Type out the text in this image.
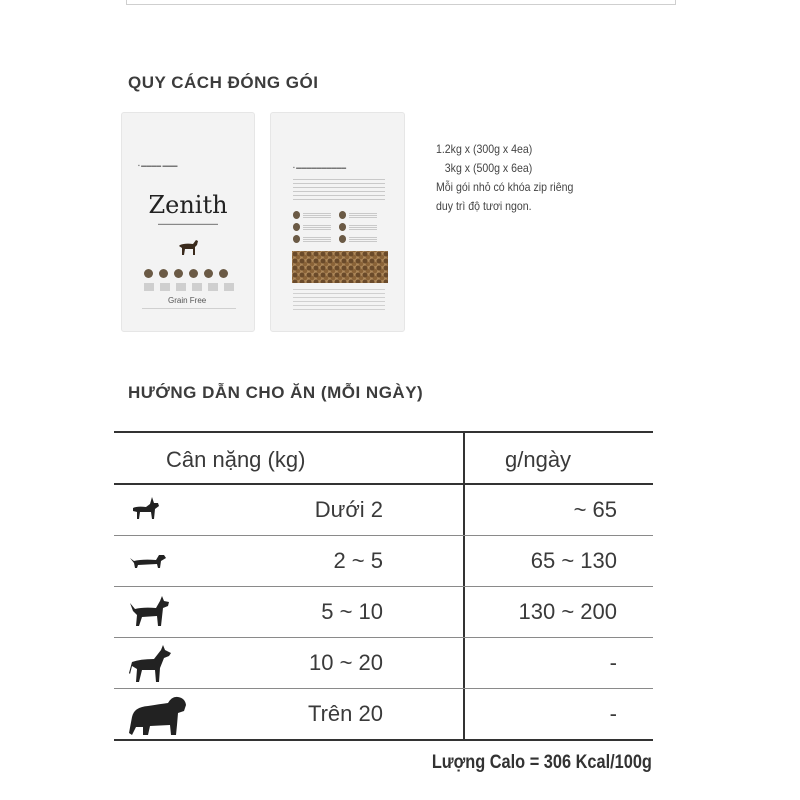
QUY CÁCH ĐÓNG GÓI
▪ ▬▬▬▬ ▬▬▬
Zenith
▬▬▬▬▬▬▬▬▬▬▬▬▬▬▬
Grain Free
▪ ▬▬▬▬▬▬▬▬▬▬
1.2kg x (300g x 4ea)
3kg x (500g x 6ea)
Mỗi gói nhỏ có khóa zip riêng
duy trì độ tươi ngon.
HƯỚNG DẪN CHO ĂN (MỖI NGÀY)
Cân nặng (kg)	g/ngày
Dưới 2	~ 65
2 ~ 5	65 ~ 130
5 ~ 10	130 ~ 200
10 ~ 20	-
Trên 20	-
Lượng Calo = 306 Kcal/100g
